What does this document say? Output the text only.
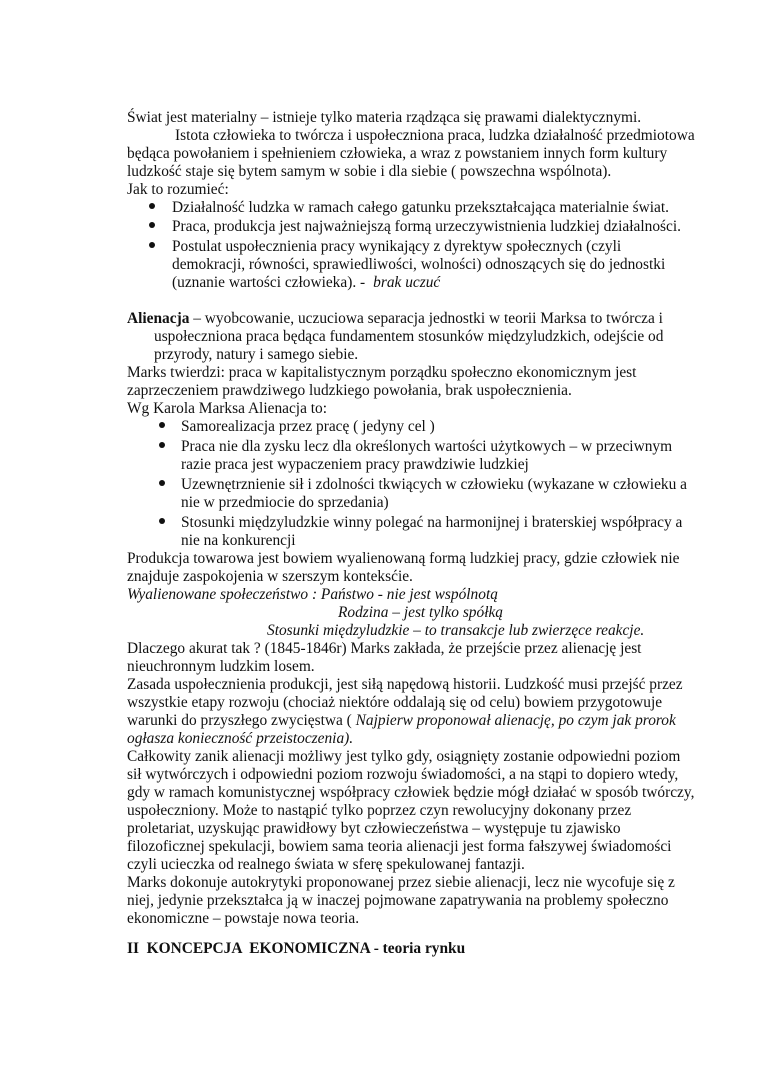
Świat jest materialny – istnieje tylko materia rządząca się prawami dialektycznymi.
Istota człowieka to twórcza i uspołeczniona praca, ludzka działalność przedmiotowa
będąca powołaniem i spełnieniem człowieka, a wraz z powstaniem innych form kultury
ludzkość staje się bytem samym w sobie i dla siebie ( powszechna wspólnota).
Jak to rozumieć:
Działalność ludzka w ramach całego gatunku przekształcająca materialnie świat.
Praca, produkcja jest najważniejszą formą urzeczywistnienia ludzkiej działalności.
Postulat uspołecznienia pracy wynikający z dyrektyw społecznych (czyli
demokracji, równości, sprawiedliwości, wolności) odnoszących się do jednostki
(uznanie wartości człowieka). - brak uczuć
Alienacja – wyobcowanie, uczuciowa separacja jednostki w teorii Marksa to twórcza i
uspołeczniona praca będąca fundamentem stosunków międzyludzkich, odejście od
przyrody, natury i samego siebie.
Marks twierdzi: praca w kapitalistycznym porządku społeczno ekonomicznym jest
zaprzeczeniem prawdziwego ludzkiego powołania, brak uspołecznienia.
Wg Karola Marksa Alienacja to:
Samorealizacja przez pracę ( jedyny cel )
Praca nie dla zysku lecz dla określonych wartości użytkowych – w przeciwnym
razie praca jest wypaczeniem pracy prawdziwie ludzkiej
Uzewnętrznienie sił i zdolności tkwiących w człowieku (wykazane w człowieku a
nie w przedmiocie do sprzedania)
Stosunki międzyludzkie winny polegać na harmonijnej i braterskiej współpracy a
nie na konkurencji
Produkcja towarowa jest bowiem wyalienowaną formą ludzkiej pracy, gdzie człowiek nie
znajduje zaspokojenia w szerszym konteksćie.
Wyalienowane społeczeństwo : Państwo - nie jest wspólnotą
Rodzina – jest tylko spółką
Stosunki międzyludzkie – to transakcje lub zwierzęce reakcje.
Dlaczego akurat tak ? (1845-1846r) Marks zakłada, że przejście przez alienację jest
nieuchronnym ludzkim losem.
Zasada uspołecznienia produkcji, jest siłą napędową historii. Ludzkość musi przejść przez
wszystkie etapy rozwoju (chociaż niektóre oddalają się od celu) bowiem przygotowuje
warunki do przyszłego zwycięstwa ( Najpierw proponował alienację, po czym jak prorok
ogłasza konieczność przeistoczenia).
Całkowity zanik alienacji możliwy jest tylko gdy, osiągnięty zostanie odpowiedni poziom
sił wytwórczych i odpowiedni poziom rozwoju świadomości, a na stąpi to dopiero wtedy,
gdy w ramach komunistycznej współpracy człowiek będzie mógł działać w sposób twórczy,
uspołeczniony. Może to nastąpić tylko poprzez czyn rewolucyjny dokonany przez
proletariat, uzyskując prawidłowy byt człowieczeństwa – występuje tu zjawisko
filozoficznej spekulacji, bowiem sama teoria alienacji jest forma fałszywej świadomości
czyli ucieczka od realnego świata w sferę spekulowanej fantazji.
Marks dokonuje autokrytyki proponowanej przez siebie alienacji, lecz nie wycofuje się z
niej, jedynie przekształca ją w inaczej pojmowane zapatrywania na problemy społeczno
ekonomiczne – powstaje nowa teoria.
II  KONCEPCJA  EKONOMICZNA - teoria rynku
